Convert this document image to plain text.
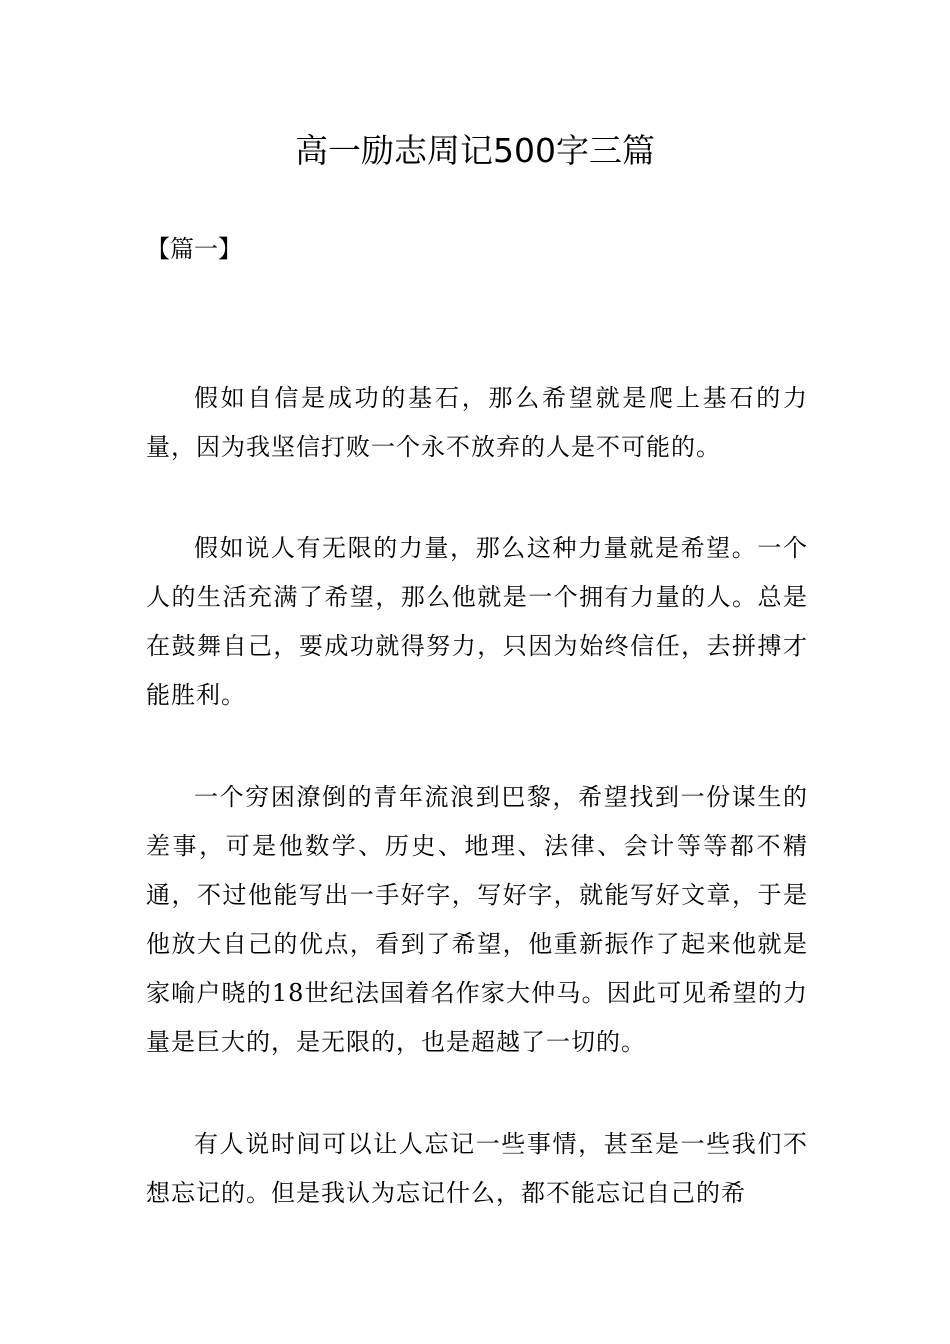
高一励志周记500字三篇
【篇一】

假如自信是成功的基石，那么希望就是爬上基石的力量，因为我坚信打败一个永不放弃的人是不可能的。

假如说人有无限的力量，那么这种力量就是希望。一个人的生活充满了希望，那么他就是一个拥有力量的人。总是在鼓舞自己，要成功就得努力，只因为始终信任，去拼搏才能胜利。

一个穷困潦倒的青年流浪到巴黎，希望找到一份谋生的差事，可是他数学、历史、地理、法律、会计等等都不精通，不过他能写出一手好字，写好字，就能写好文章，于是他放大自己的优点，看到了希望，他重新振作了起来他就是家喻户晓的18世纪法国着名作家大仲马。因此可见希望的力量是巨大的，是无限的，也是超越了一切的。

有人说时间可以让人忘记一些事情，甚至是一些我们不想忘记的。但是我认为忘记什么，都不能忘记自己的希
